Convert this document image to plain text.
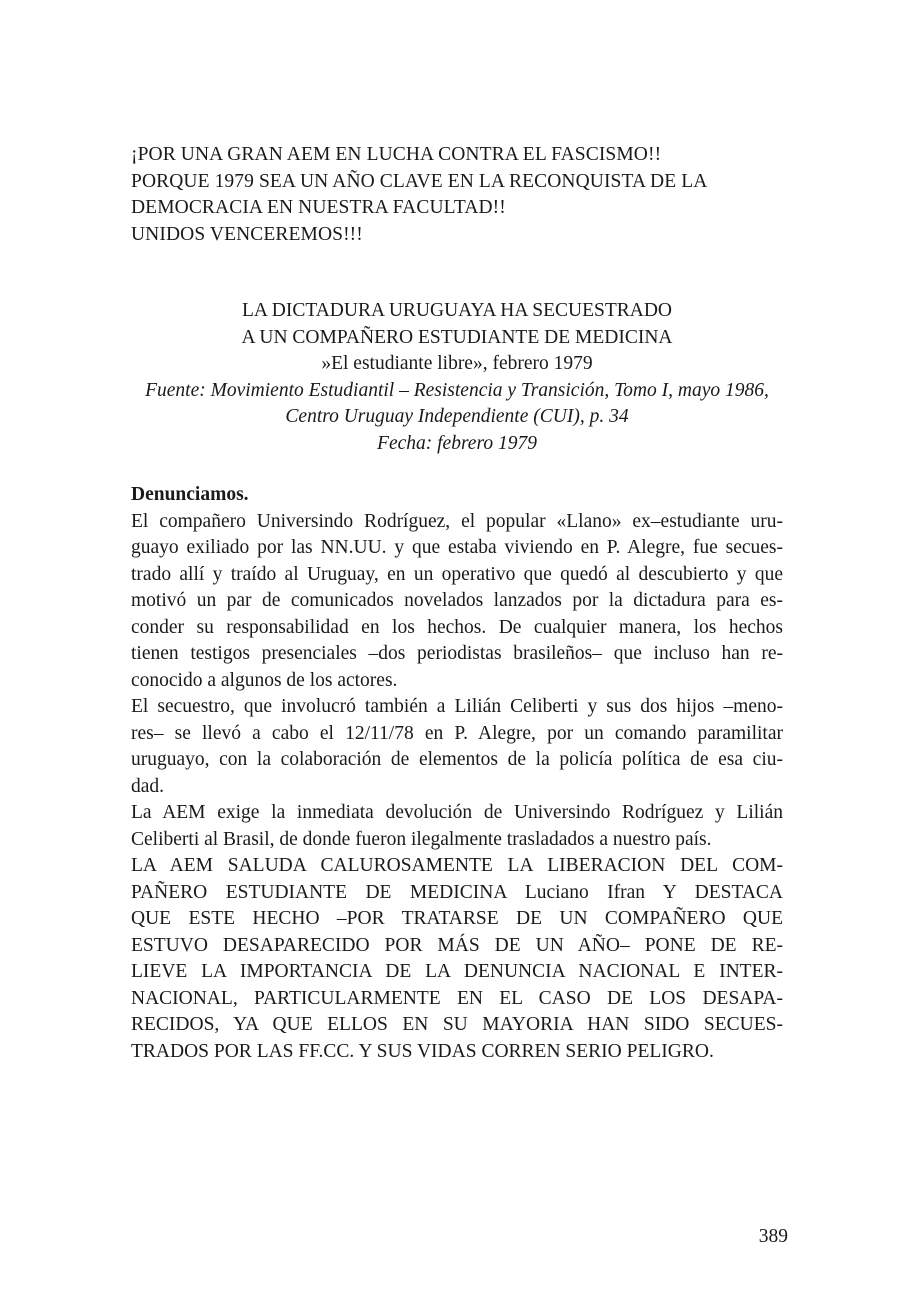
¡POR UNA GRAN AEM EN LUCHA CONTRA EL FASCISMO!!
PORQUE 1979 SEA UN AÑO CLAVE EN LA RECONQUISTA DE LA
DEMOCRACIA EN NUESTRA FACULTAD!!
UNIDOS VENCEREMOS!!!
LA DICTADURA URUGUAYA HA SECUESTRADO
A UN COMPAÑERO ESTUDIANTE DE MEDICINA
»El estudiante libre», febrero 1979
Fuente: Movimiento Estudiantil – Resistencia y Transición, Tomo I, mayo 1986,
Centro Uruguay Independiente (CUI), p. 34
Fecha: febrero 1979
Denunciamos.
El compañero Universindo Rodríguez, el popular «Llano» ex–estudiante uru-
guayo exiliado por las NN.UU. y que estaba viviendo en P. Alegre, fue secues-
trado allí y traído al Uruguay, en un operativo que quedó al descubierto y que
motivó un par de comunicados novelados lanzados por la dictadura para es-
conder su responsabilidad en los hechos. De cualquier manera, los hechos
tienen testigos presenciales –dos periodistas brasileños– que incluso han re-
conocido a algunos de los actores.
El secuestro, que involucró también a Lilián Celiberti y sus dos hijos –meno-
res– se llevó a cabo el 12/11/78 en P. Alegre, por un comando paramilitar
uruguayo, con la colaboración de elementos de la policía política de esa ciu-
dad.
La AEM exige la inmediata devolución de Universindo Rodríguez y Lilián
Celiberti al Brasil, de donde fueron ilegalmente trasladados a nuestro país.
LA AEM SALUDA CALUROSAMENTE LA LIBERACION DEL COM-
PAÑERO ESTUDIANTE DE MEDICINA Luciano Ifran Y DESTACA
QUE ESTE HECHO –POR TRATARSE DE UN COMPAÑERO QUE
ESTUVO DESAPARECIDO POR MÁS DE UN AÑO– PONE DE RE-
LIEVE LA IMPORTANCIA DE LA DENUNCIA NACIONAL E INTER-
NACIONAL, PARTICULARMENTE EN EL CASO DE LOS DESAPA-
RECIDOS, YA QUE ELLOS EN SU MAYORIA HAN SIDO SECUES-
TRADOS POR LAS FF.CC. Y SUS VIDAS CORREN SERIO PELIGRO.
389
